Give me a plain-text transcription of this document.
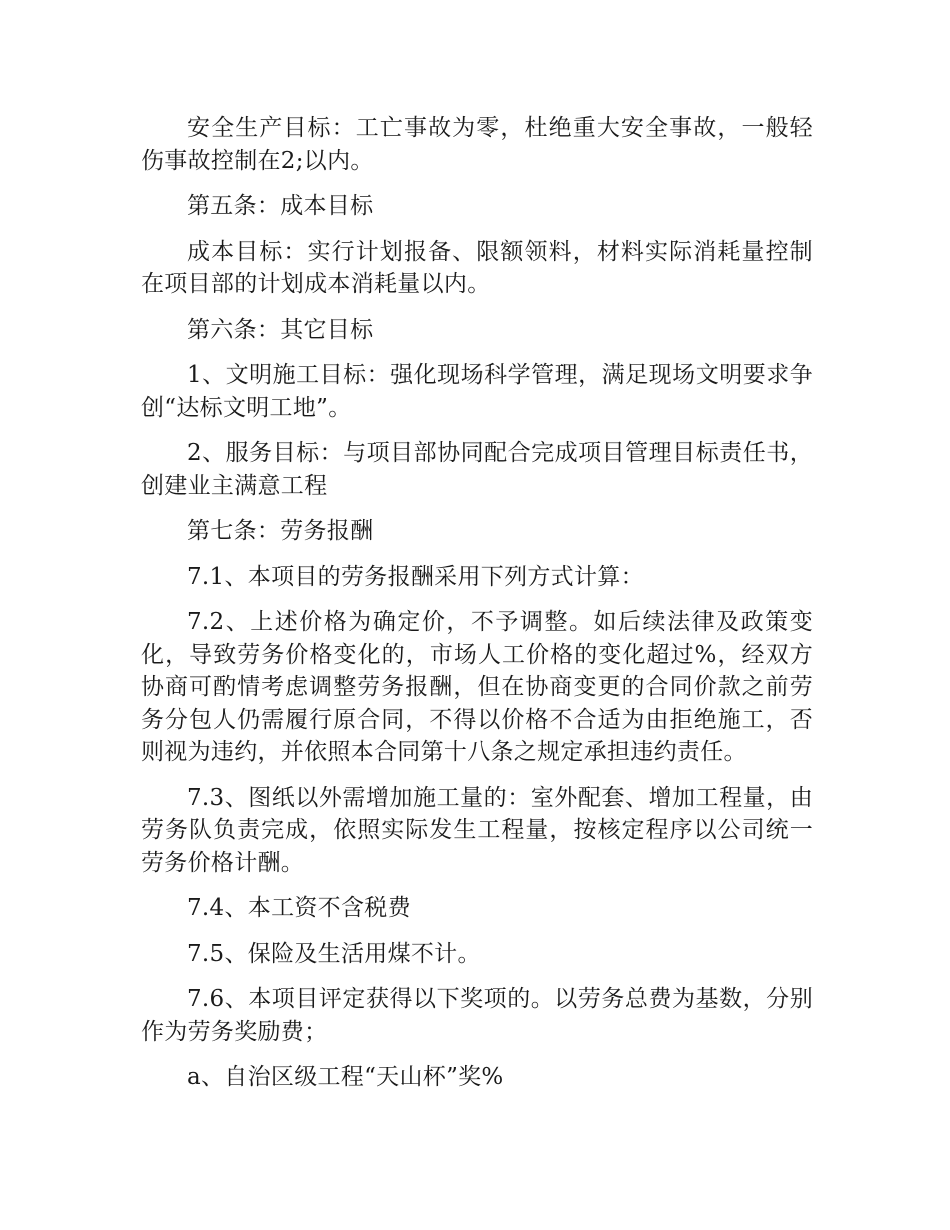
安全生产目标：工亡事故为零，杜绝重大安全事故，一般轻伤事故控制在2;以内。

第五条：成本目标

成本目标：实行计划报备、限额领料，材料实际消耗量控制在项目部的计划成本消耗量以内。

第六条：其它目标

1、文明施工目标：强化现场科学管理，满足现场文明要求争创“达标文明工地”。

2、服务目标：与项目部协同配合完成项目管理目标责任书，创建业主满意工程

第七条：劳务报酬

7.1、本项目的劳务报酬采用下列方式计算：

7.2、上述价格为确定价，不予调整。如后续法律及政策变化，导致劳务价格变化的，市场人工价格的变化超过%，经双方协商可酌情考虑调整劳务报酬，但在协商变更的合同价款之前劳务分包人仍需履行原合同，不得以价格不合适为由拒绝施工，否则视为违约，并依照本合同第十八条之规定承担违约责任。

7.3、图纸以外需增加施工量的：室外配套、增加工程量，由劳务队负责完成，依照实际发生工程量，按核定程序以公司统一劳务价格计酬。

7.4、本工资不含税费

7.5、保险及生活用煤不计。

7.6、本项目评定获得以下奖项的。以劳务总费为基数，分别作为劳务奖励费；

a、自治区级工程“天山杯”奖%
